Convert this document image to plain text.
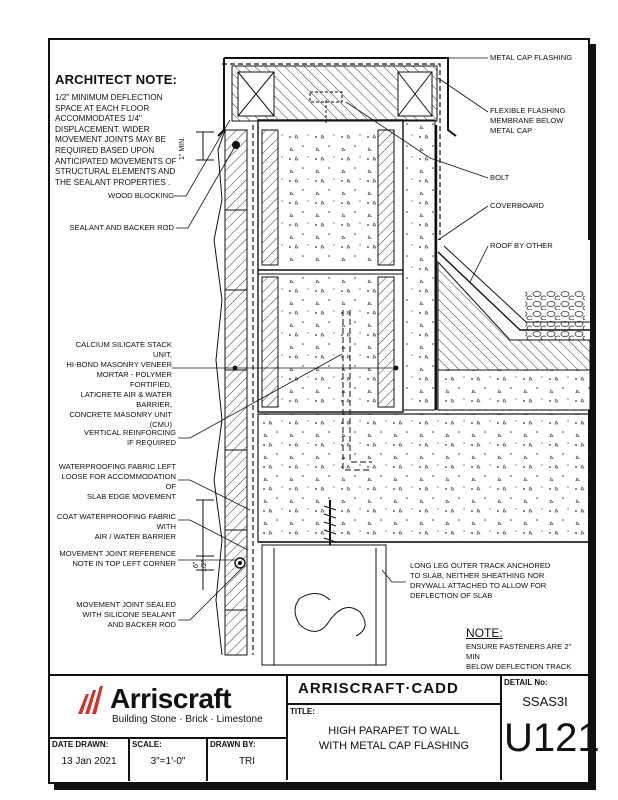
ARCHITECT NOTE:
1/2" MINIMUM DEFLECTION SPACE AT EACH FLOOR ACCOMMODATES 1/4" DISPLACEMENT. WIDER MOVEMENT JOINTS MAY BE REQUIRED BASED UPON ANTICIPATED MOVEMENTS OF STRUCTURAL ELEMENTS AND THE SEALANT PROPERTIES .
1" MIN.
6" 1/2"
WOOD BLOCKING
SEALANT AND BACKER ROD
CALCIUM SILICATE STACK UNIT,
HI-BOND MASONRY VENEER
MORTAR - POLYMER FORTIFIED,
LATICRETE AIR & WATER BARRIER,
CONCRETE MASONRY UNIT (CMU)
VERTICAL REINFORCING
IF REQUIRED
WATERPROOFING FABRIC LEFT
LOOSE FOR ACCOMMODATION OF
SLAB EDGE MOVEMENT
COAT WATERPROOFING FABRIC WITH
AIR / WATER BARRIER
MOVEMENT JOINT REFERENCE
NOTE IN TOP LEFT CORNER
MOVEMENT JOINT SEALED
WITH SILICONE SEALANT
AND BACKER ROD
METAL CAP FLASHING
FLEXIBLE FLASHING
MEMBRANE BELOW
METAL CAP
BOLT
COVERBOARD
ROOF BY OTHER
LONG LEG OUTER TRACK ANCHORED
TO SLAB, NEITHER SHEATHING NOR
DRYWALL ATTACHED TO ALLOW FOR
DEFLECTION OF SLAB
NOTE:
ENSURE FASTENERS ARE 2" MIN
BELOW DEFLECTION TRACK
Arriscraft
Building Stone · Brick · Limestone
ARRISCRAFT·CADD
TITLE:
HIGH PARAPET TO WALL
WITH METAL CAP FLASHING
DETAIL No:
SSAS3I
U121
DATE DRAWN:
13 Jan 2021
SCALE:
3"=1'-0"
DRAWN BY:
TRI
